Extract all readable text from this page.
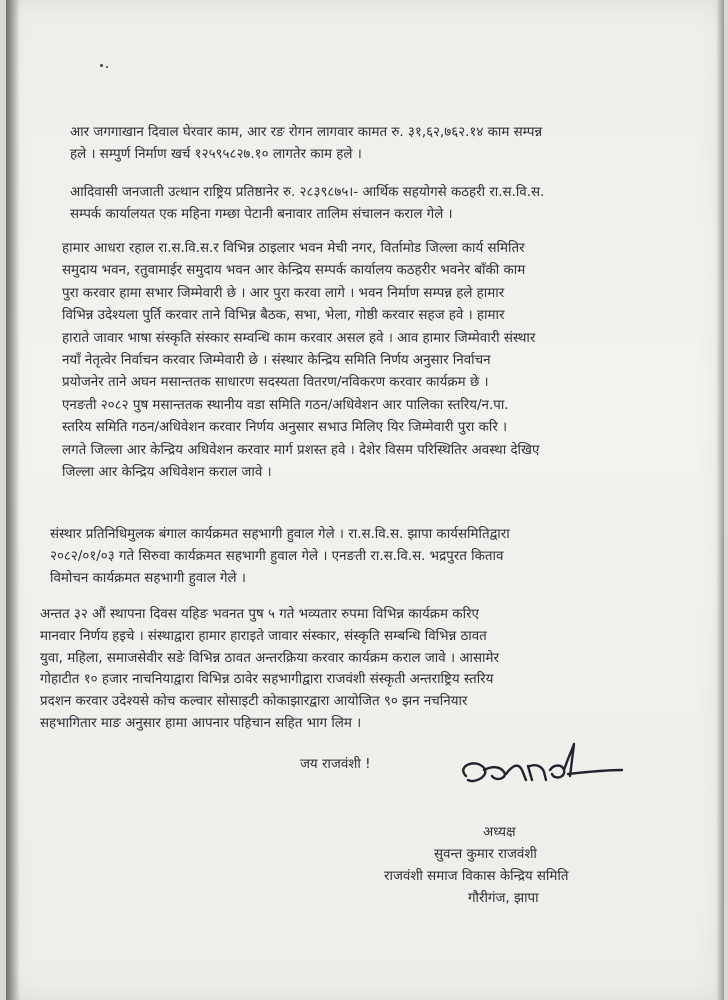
आर जगगाखान दिवाल घेरवार काम, आर रङ रोगन लागवार कामत रु. ३१,६२,७६२.१४ काम सम्पन्न
हले । सम्पुर्ण निर्माण खर्च १२५९५८२७.१० लागतेर काम हले ।

आदिवासी जनजाती उत्थान राष्ट्रिय प्रतिष्ठानेर रु. २८३९८७५।- आर्थिक सहयोगसे कठहरी रा.स.वि.स.
सम्पर्क कार्यालयत एक महिना गम्छा पेटानी बनावार तालिम संचालन कराल गेले ।

हामार आधरा रहाल रा.स.वि.स.र विभिन्न ठाइलार भवन मेची नगर, विर्तामोड जिल्ला कार्य समितिर
समुदाय भवन, रतुवामाईर समुदाय भवन आर केन्द्रिय सम्पर्क कार्यालय कठहरीर भवनेर बाँकी काम
पुरा करवार हामा सभार जिम्मेवारी छे । आर पुरा करवा लागे । भवन निर्माण सम्पन्न हले हामार
विभिन्न उदेश्यला पुर्ति करवार ताने विभिन्न बैठक, सभा, भेला, गोष्ठी करवार सहज हवे । हामार
हाराते जावार भाषा संस्कृति संस्कार सम्वन्धि काम करवार असल हवे । आव हामार जिम्मेवारी संस्थार
नयाँ नेतृत्वेर निर्वाचन करवार जिम्मेवारी छे । संस्थार केन्द्रिय समिति निर्णय अनुसार निर्वाचन
प्रयोजनेर ताने अघन मसान्ततक साधारण सदस्यता वितरण/नविकरण करवार कार्यक्रम छे ।
एनङती २०८२ पुष मसान्ततक स्थानीय वडा समिति गठन/अधिवेशन आर पालिका स्तरिय/न.पा.
स्तरिय समिति गठन/अधिवेशन करवार निर्णय अनुसार सभाउ मिलिए यिर जिम्मेवारी पुरा करि ।
लगते जिल्ला आर केन्द्रिय अधिवेशन करवार मार्ग प्रशस्त हवे । देशेर विसम परिस्थितिर अवस्था देखिए
जिल्ला आर केन्द्रिय अधिवेशन कराल जावे ।

संस्थार प्रतिनिधिमुलक बंगाल कार्यक्रमत सहभागी हुवाल गेले । रा.स.वि.स. झापा कार्यसमितिद्वारा
२०८२/०१/०३ गते सिरुवा कार्यक्रमत सहभागी हुवाल गेले । एनङती रा.स.वि.स. भद्रपुरत किताव
विमोचन कार्यक्रमत सहभागी हुवाल गेले ।

अन्तत ३२ औं स्थापना दिवस यहिङ भवनत पुष ५ गते भव्यतार रुपमा विभिन्न कार्यक्रम करिए
मानवार निर्णय हइचे । संस्थाद्वारा हामार हाराइते जावार संस्कार, संस्कृति सम्बन्धि विभिन्न ठावत
युवा, महिला, समाजसेवीर सङे विभिन्न ठावत अन्तरक्रिया करवार कार्यक्रम कराल जावे । आसामेर
गोहाटीत १० हजार नाचनियाद्वारा विभिन्न ठावेर सहभागीद्वारा राजवंशी संस्कृती अन्तराष्ट्रिय स्तरिय
प्रदशन करवार उदेश्यसे कोच कल्वार सोसाइटी कोकाझारद्वारा आयोजित ९० झन नचनियार
सहभागितार माङ अनुसार हामा आपनार पहिचान सहित भाग लिम ।

जय राजवंशी !
अध्यक्ष
सुवन्त कुमार राजवंशी
राजवंशी समाज विकास केन्द्रिय समिति
गौरीगंज, झापा
